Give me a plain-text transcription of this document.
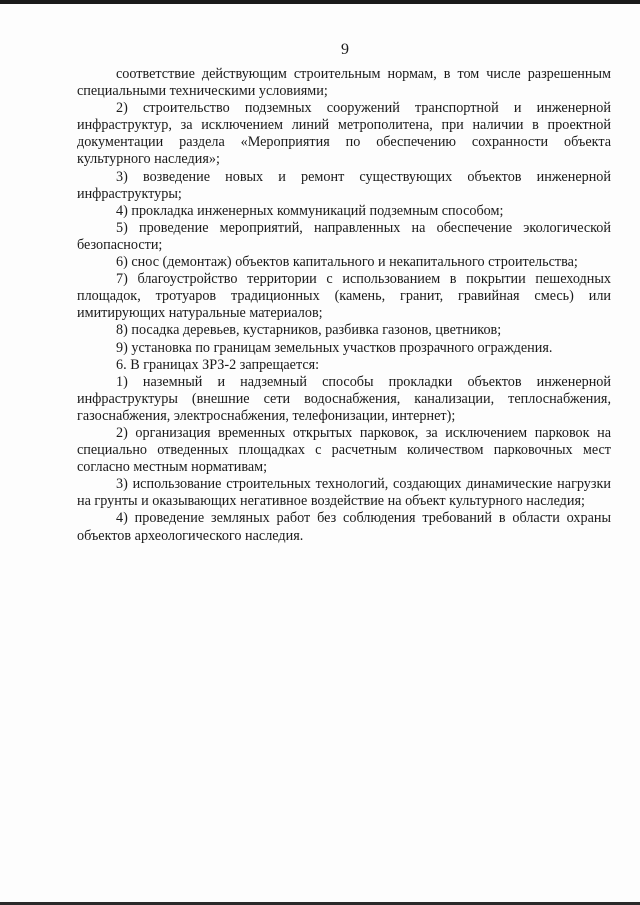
9

соответствие действующим строительным нормам, в том числе разрешенным специальными техническими условиями;

2) строительство подземных сооружений транспортной и инженерной инфраструктур, за исключением линий метрополитена, при наличии в проектной документации раздела «Мероприятия по обеспечению сохранности объекта культурного наследия»;

3) возведение новых и ремонт существующих объектов инженерной инфраструктуры;

4) прокладка инженерных коммуникаций подземным способом;

5) проведение мероприятий, направленных на обеспечение экологической безопасности;

6) снос (демонтаж) объектов капитального и некапитального строительства;

7) благоустройство территории с использованием в покрытии пешеходных площадок, тротуаров традиционных (камень, гранит, гравийная смесь) или имитирующих натуральные материалов;

8) посадка деревьев, кустарников, разбивка газонов, цветников;

9) установка по границам земельных участков прозрачного ограждения.

6. В границах ЗРЗ-2 запрещается:

1) наземный и надземный способы прокладки объектов инженерной инфраструктуры (внешние сети водоснабжения, канализации, теплоснабжения, газоснабжения, электроснабжения, телефонизации, интернет);

2) организация временных открытых парковок, за исключением парковок на специально отведенных площадках с расчетным количеством парковочных мест согласно местным нормативам;

3) использование строительных технологий, создающих динамические нагрузки на грунты и оказывающих негативное воздействие на объект культурного наследия;

4) проведение земляных работ без соблюдения требований в области охраны объектов археологического наследия.
